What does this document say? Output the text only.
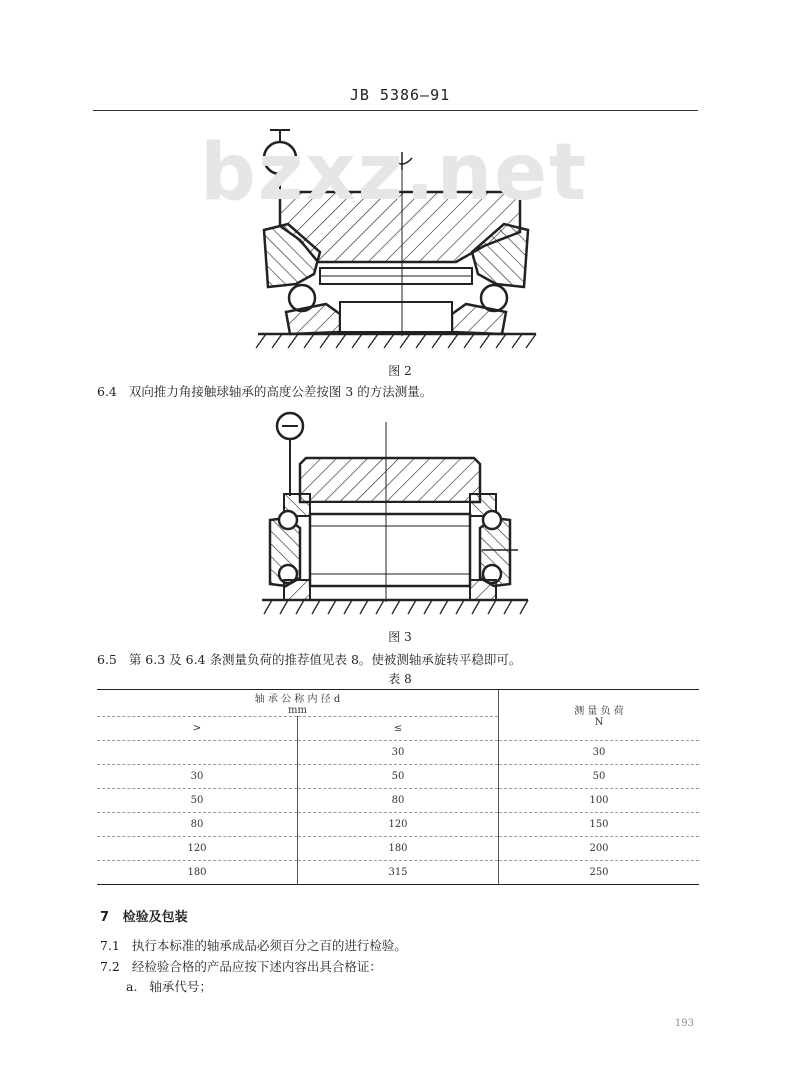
JB 5386—91
bzxz.net
图 2
6.4 双向推力角接触球轴承的高度公差按图 3 的方法测量。
图 3
6.5 第 6.3 及 6.4 条测量负荷的推荐值见表 8。使被测轴承旋转平稳即可。
表 8
轴 承 公 称 内 径 d
mm		测 量 负 荷
N
>	≤	
	30	30
30	50	50
50	80	100
80	120	150
120	180	200
180	315	250
7 检验及包装
7.1 执行本标准的轴承成品必须百分之百的进行检验。
7.2 经检验合格的产品应按下述内容出具合格证：
a. 轴承代号；
193
